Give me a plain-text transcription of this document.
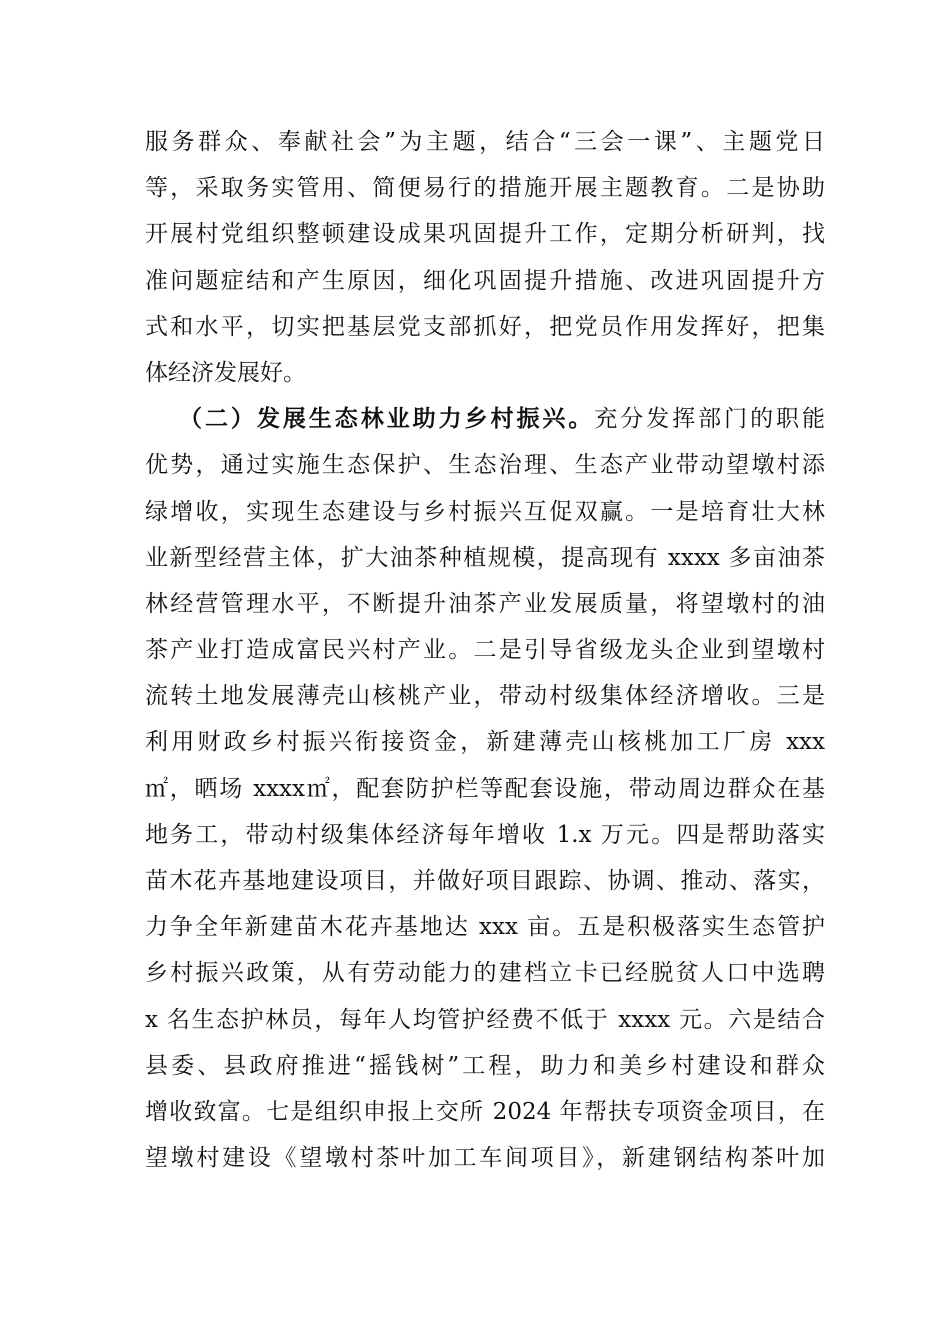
服务群众、奉献社会”为主题，结合“三会一课”、主题党日
等，采取务实管用、简便易行的措施开展主题教育。二是协助
开展村党组织整顿建设成果巩固提升工作，定期分析研判，找
准问题症结和产生原因，细化巩固提升措施、改进巩固提升方
式和水平，切实把基层党支部抓好，把党员作用发挥好，把集
体经济发展好。
（二）发展生态林业助力乡村振兴。充分发挥部门的职能
优势，通过实施生态保护、生态治理、生态产业带动望墩村添
绿增收，实现生态建设与乡村振兴互促双赢。一是培育壮大林
业新型经营主体，扩大油茶种植规模，提高现有 xxxx 多亩油茶
林经营管理水平，不断提升油茶产业发展质量，将望墩村的油
茶产业打造成富民兴村产业。二是引导省级龙头企业到望墩村
流转土地发展薄壳山核桃产业，带动村级集体经济增收。三是
利用财政乡村振兴衔接资金，新建薄壳山核桃加工厂房 xxx
㎡，晒场 xxxx㎡，配套防护栏等配套设施，带动周边群众在基
地务工，带动村级集体经济每年增收 1.x 万元。四是帮助落实
苗木花卉基地建设项目，并做好项目跟踪、协调、推动、落实，
力争全年新建苗木花卉基地达 xxx 亩。五是积极落实生态管护
乡村振兴政策，从有劳动能力的建档立卡已经脱贫人口中选聘
x 名生态护林员，每年人均管护经费不低于 xxxx 元。六是结合
县委、县政府推进“摇钱树”工程，助力和美乡村建设和群众
增收致富。七是组织申报上交所 2024 年帮扶专项资金项目，在
望墩村建设《望墩村茶叶加工车间项目》，新建钢结构茶叶加
